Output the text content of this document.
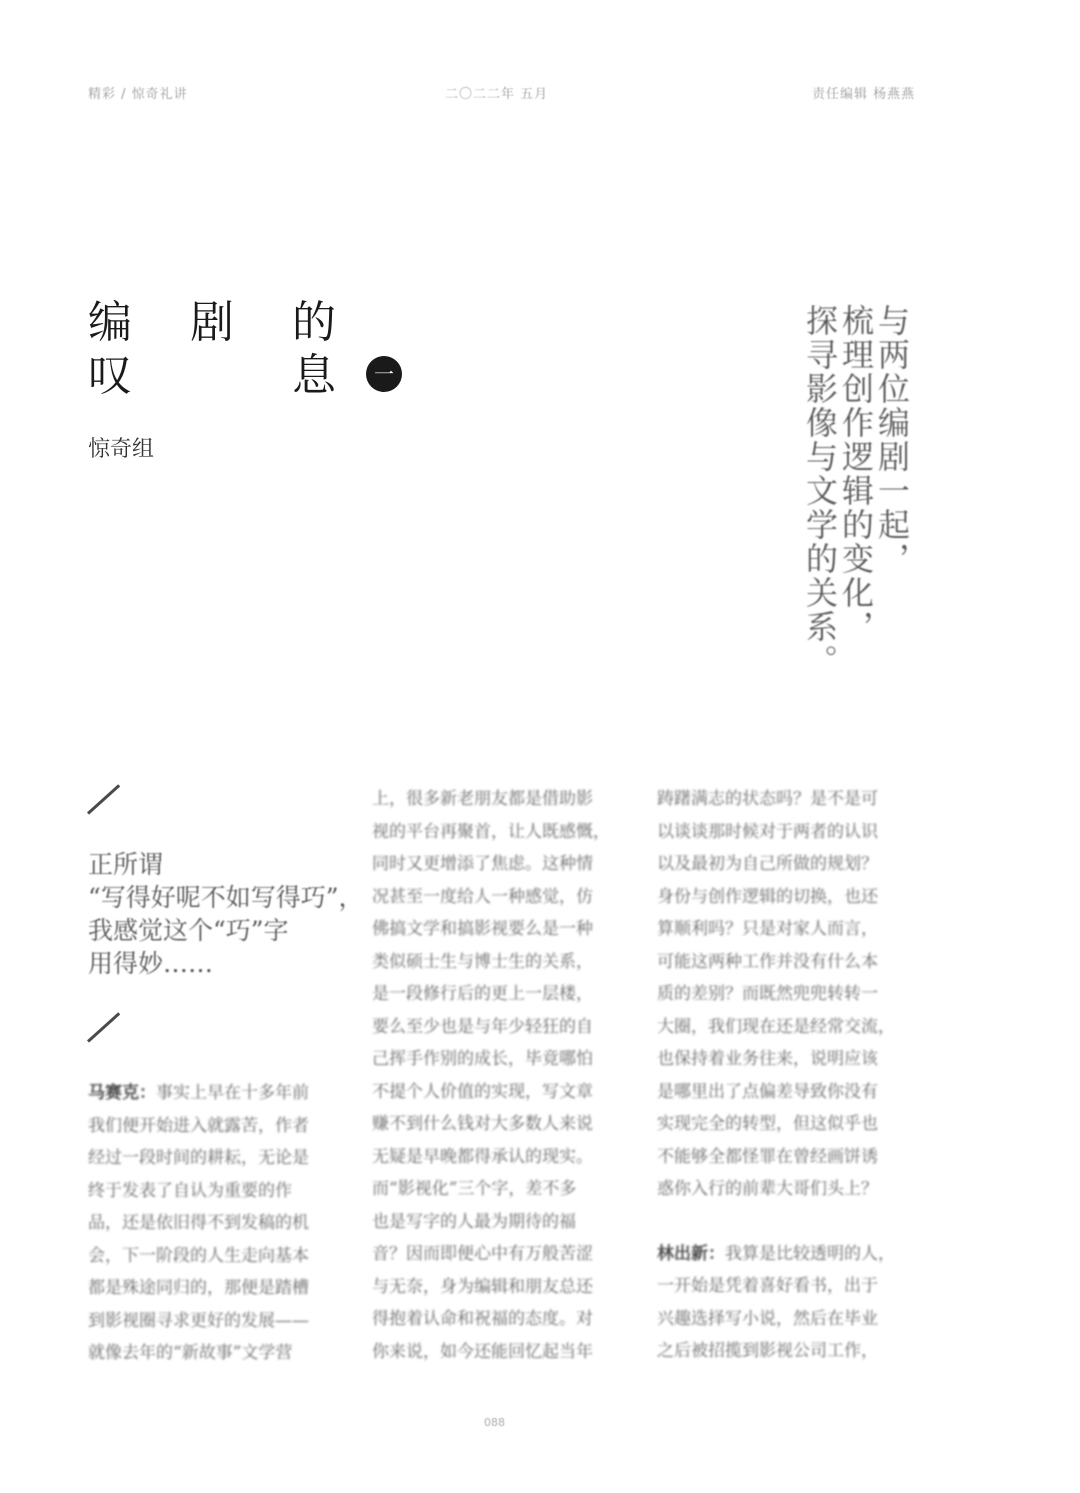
精彩 / 惊奇礼讲	二〇二二年 五月	责任编辑 杨燕燕
编 剧 的
叹	息	一
惊奇组	与两位编剧一起，
梳理创作逻辑的变化，
探寻影像与文学的关系。
正所谓
“写得好呢不如写得巧”，
我感觉这个“巧”字
用得妙……
马赛克：事实上早在十多年前
我们便开始进入就露苦，作者
经过一段时间的耕耘，无论是
终于发表了自认为重要的作
品，还是依旧得不到发稿的机
会，下一阶段的人生走向基本
都是殊途同归的，那便是踏槽
到影视圈寻求更好的发展——
就像去年的“新故事”文学营
上，很多新老朋友都是借助影
视的平台再聚首，让人既感慨，
同时又更增添了焦虑。这种情
况甚至一度给人一种感觉，仿
佛搞文学和搞影视要么是一种
类似硕士生与博士生的关系，
是一段修行后的更上一层楼，
要么至少也是与年少轻狂的自
己挥手作别的成长，毕竟哪怕
不提个人价值的实现，写文章
赚不到什么钱对大多数人来说
无疑是早晚都得承认的现实。
而“影视化”三个字，差不多
也是写字的人最为期待的福
音？因而即便心中有万般苦涩
与无奈，身为编辑和朋友总还
得抱着认命和祝福的态度。对
你来说，如今还能回忆起当年
踌躇满志的状态吗？是不是可
以谈谈那时候对于两者的认识
以及最初为自己所做的规划？
身份与创作逻辑的切换，也还
算顺利吗？只是对家人而言，
可能这两种工作并没有什么本
质的差别？而既然兜兜转转一
大圈，我们现在还是经常交流，
也保持着业务往来，说明应该
是哪里出了点偏差导致你没有
实现完全的转型，但这似乎也
不能够全都怪罪在曾经画饼诱
惑你入行的前辈大哥们头上？
林出新：我算是比较透明的人，
一开始是凭着喜好看书，出于
兴趣选择写小说，然后在毕业
之后被招揽到影视公司工作，
088
